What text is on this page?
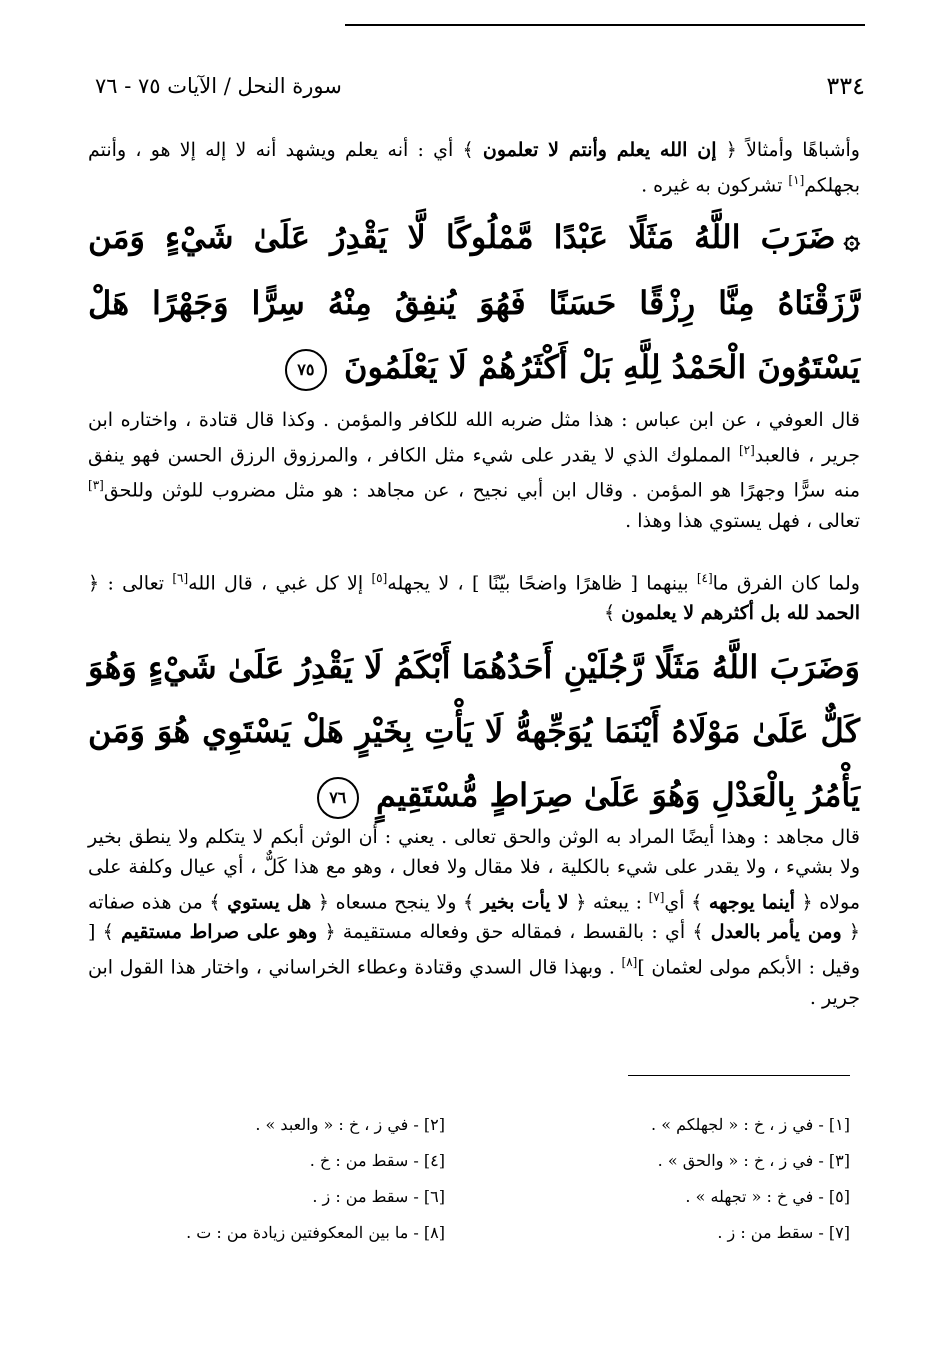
٣٣٤
سورة النحل / الآيات ٧٥ - ٧٦
وأشباهًا وأمثالاً ﴿ إن الله يعلم وأنتم لا تعلمون ﴾ أي : أنه يعلم ويشهد أنه لا إله إلا هو ، وأنتم بجهلكم[١] تشركون به غيره .
۞ضَرَبَ اللَّهُ مَثَلًا عَبْدًا مَّمْلُوكًا لَّا يَقْدِرُ عَلَىٰ شَيْءٍ وَمَن رَّزَقْنَاهُ مِنَّا رِزْقًا حَسَنًا فَهُوَ يُنفِقُ مِنْهُ سِرًّا وَجَهْرًا هَلْ يَسْتَوُونَ الْحَمْدُ لِلَّهِ بَلْ أَكْثَرُهُمْ لَا يَعْلَمُونَ ٧٥
قال العوفي ، عن ابن عباس : هذا مثل ضربه الله للكافر والمؤمن . وكذا قال قتادة ، واختاره ابن جرير ، فالعبد[٢] المملوك الذي لا يقدر على شيء مثل الكافر ، والمرزوق الرزق الحسن فهو ينفق منه سرًّا وجهرًا هو المؤمن . وقال ابن أبي نجيح ، عن مجاهد : هو مثل مضروب للوثن وللحق[٣] تعالى ، فهل يستوي هذا وهذا .
ولما كان الفرق ما[٤] بينهما [ ظاهرًا واضحًا بيّنًا ] ، لا يجهله[٥] إلا كل غبي ، قال الله[٦] تعالى : ﴿ الحمد لله بل أكثرهم لا يعلمون ﴾
وَضَرَبَ اللَّهُ مَثَلًا رَّجُلَيْنِ أَحَدُهُمَا أَبْكَمُ لَا يَقْدِرُ عَلَىٰ شَيْءٍ وَهُوَ كَلٌّ عَلَىٰ مَوْلَاهُ أَيْنَمَا يُوَجِّههُّ لَا يَأْتِ بِخَيْرٍ هَلْ يَسْتَوِي هُوَ وَمَن يَأْمُرُ بِالْعَدْلِ وَهُوَ عَلَىٰ صِرَاطٍ مُّسْتَقِيمٍ ٧٦
قال مجاهد : وهذا أيضًا المراد به الوثن والحق تعالى . يعني : أن الوثن أبكم لا يتكلم ولا ينطق بخير ولا بشيء ، ولا يقدر على شيء بالكلية ، فلا مقال ولا فعال ، وهو مع هذا كَلٌّ ، أي عيال وكلفة على مولاه ﴿ أينما يوجهه ﴾ أي[٧] : يبعثه ﴿ لا يأت بخير ﴾ ولا ينجح مسعاه ﴿ هل يستوي ﴾ من هذه صفاته ﴿ ومن يأمر بالعدل ﴾ أي : بالقسط ، فمقاله حق وفعاله مستقيمة ﴿ وهو على صراط مستقيم ﴾ [ وقيل : الأبكم مولى لعثمان ][٨] . وبهذا قال السدي وقتادة وعطاء الخراساني ، واختار هذا القول ابن جرير .
[١] - في ز ، خ : « لجهلكم » .
[٢] - في ز ، خ : « والعبد » .
[٣] - في ز ، خ : « والحق » .
[٤] - سقط من : خ .
[٥] - في خ : « تجهله » .
[٦] - سقط من : ز .
[٧] - سقط من : ز .
[٨] - ما بين المعكوفتين زيادة من : ت .
